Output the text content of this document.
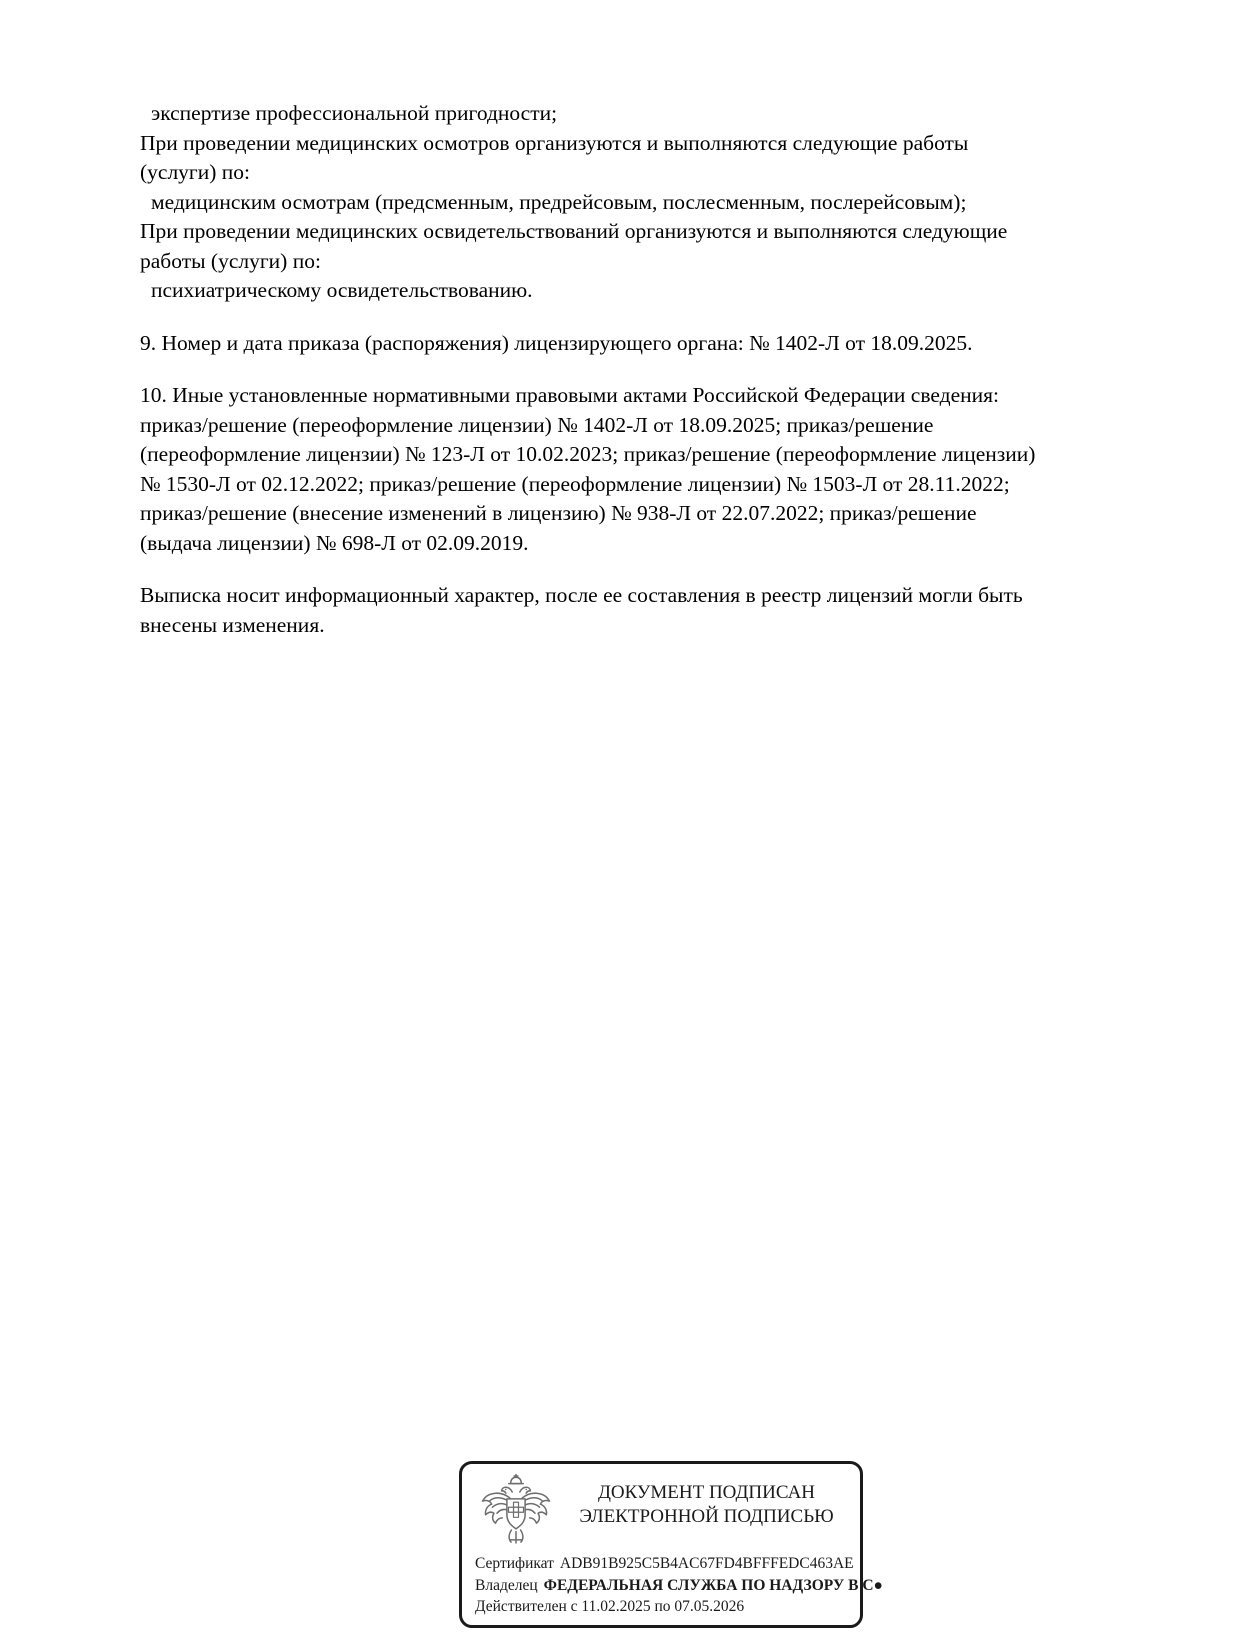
экспертизе профессиональной пригодности;
При проведении медицинских осмотров организуются и выполняются следующие работы
(услуги) по:
медицинским осмотрам (предсменным, предрейсовым, послесменным, послерейсовым);
При проведении медицинских освидетельствований организуются и выполняются следующие
работы (услуги) по:
психиатрическому освидетельствованию.
9. Номер и дата приказа (распоряжения) лицензирующего органа: № 1402-Л от 18.09.2025.
10. Иные установленные нормативными правовыми актами Российской Федерации сведения:
приказ/решение (переоформление лицензии) № 1402-Л от 18.09.2025; приказ/решение
(переоформление лицензии) № 123-Л от 10.02.2023; приказ/решение (переоформление лицензии)
№ 1530-Л от 02.12.2022; приказ/решение (переоформление лицензии) № 1503-Л от 28.11.2022;
приказ/решение (внесение изменений в лицензию) № 938-Л от 22.07.2022; приказ/решение
(выдача лицензии) № 698-Л от 02.09.2019.
Выписка носит информационный характер, после ее составления в реестр лицензий могли быть
внесены изменения.
ДОКУМЕНТ ПОДПИСАН
ЭЛЕКТРОННОЙ ПОДПИСЬЮ
Сертификат ADB91B925C5B4AC67FD4BFFFEDC463AE
Владелец ФЕДЕРАЛЬНАЯ СЛУЖБА ПО НАДЗОРУ В С●
Действителен с 11.02.2025 по 07.05.2026
